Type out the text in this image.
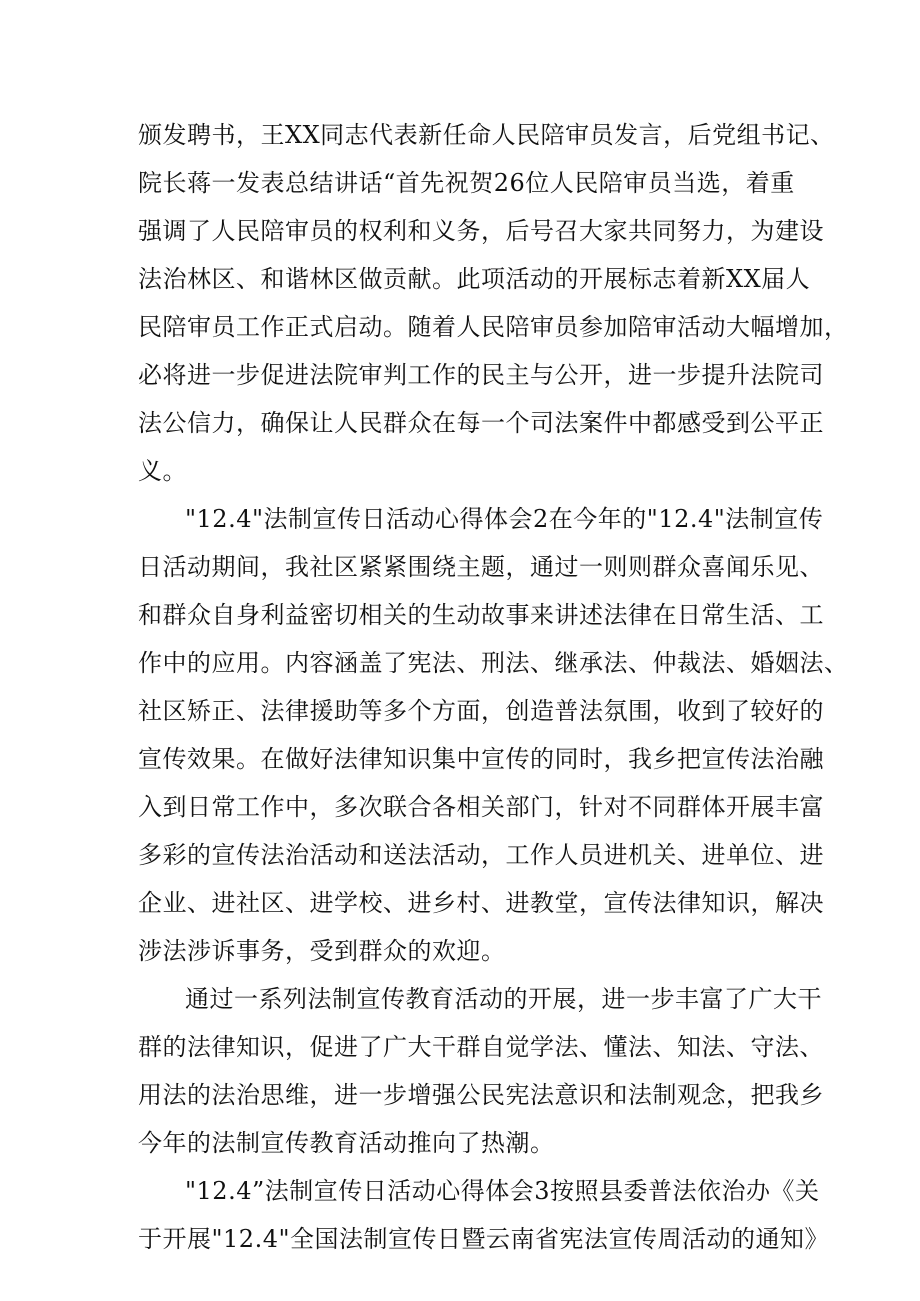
颁发聘书，王XX同志代表新任命人民陪审员发言，后党组书记、
院长蒋一发表总结讲话“首先祝贺26位人民陪审员当选，着重
强调了人民陪审员的权利和义务，后号召大家共同努力，为建设
法治林区、和谐林区做贡献。此项活动的开展标志着新XX届人
民陪审员工作正式启动。随着人民陪审员参加陪审活动大幅增加，
必将进一步促进法院审判工作的民主与公开，进一步提升法院司
法公信力，确保让人民群众在每一个司法案件中都感受到公平正
义。
"12.4"法制宣传日活动心得体会2在今年的"12.4"法制宣传
日活动期间，我社区紧紧围绕主题，通过一则则群众喜闻乐见、
和群众自身利益密切相关的生动故事来讲述法律在日常生活、工
作中的应用。内容涵盖了宪法、刑法、继承法、仲裁法、婚姻法、
社区矫正、法律援助等多个方面，创造普法氛围，收到了较好的
宣传效果。在做好法律知识集中宣传的同时，我乡把宣传法治融
入到日常工作中，多次联合各相关部门，针对不同群体开展丰富
多彩的宣传法治活动和送法活动，工作人员进机关、进单位、进
企业、进社区、进学校、进乡村、进教堂，宣传法律知识，解决
涉法涉诉事务，受到群众的欢迎。
通过一系列法制宣传教育活动的开展，进一步丰富了广大干
群的法律知识，促进了广大干群自觉学法、懂法、知法、守法、
用法的法治思维，进一步增强公民宪法意识和法制观念，把我乡
今年的法制宣传教育活动推向了热潮。
"12.4”法制宣传日活动心得体会3按照县委普法依治办《关
于开展"12.4"全国法制宣传日暨云南省宪法宣传周活动的通知》
